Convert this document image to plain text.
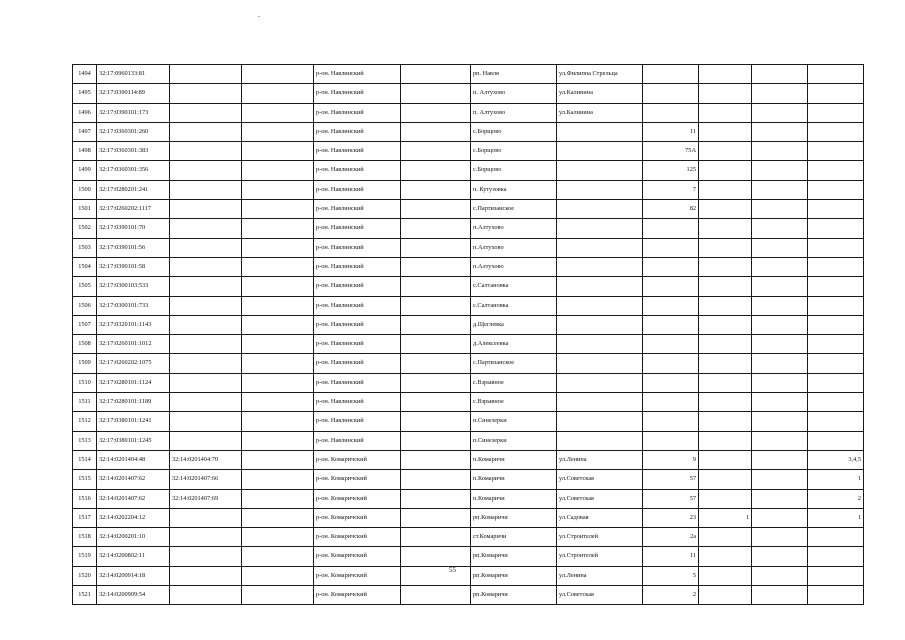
1494	32:17:0960133:81			р-он. Навлинский		рп. Навля	ул.Филиппа Стрельца				
1495	32:17:0390114:89			р-он. Навлинский		п. Алтухово	ул.Калинина				
1496	32:17:0390101:173			р-он. Навлинский		п. Алтухово	ул.Калинина				
1497	32:17:0360301:260			р-он. Навлинский		с.Борщово		11			
1498	32:17:0360301:383			р-он. Навлинский		с.Борщово		75А			
1499	32:17:0360301:356			р-он. Навлинский		с.Борщово		125			
1500	32:17:0280201:241			р-он. Навлинский		п. Кутузовка		7			
1501	32:17:0260202:1117			р-он. Навлинский		с.Партизанское		82			
1502	32:17:0390101:70			р-он. Навлинский		п.Алтухово					
1503	32:17:0390101:56			р-он. Навлинский		п.Алтухово					
1504	32:17:0390101:58			р-он. Навлинский		п.Алтухово					
1505	32:17:0300103:533			р-он. Навлинский		с.Салтановка					
1506	32:17:0300101:733			р-он. Навлинский		с.Салтановка					
1507	32:17:0320101:1143			р-он. Навлинский		д.Щеглевка					
1508	32:17:0260101:1012			р-он. Навлинский		д.Алексеевка					
1509	32:17:0260202:1075			р-он. Навлинский		с.Партизанское					
1510	32:17:0280101:1124			р-он. Навлинский		с.Взрывное					
1511	32:17:0280101:1189			р-он. Навлинский		с.Взрывное					
1512	32:17:0380101:1241			р-он. Навлинский		п.Синезерки					
1513	32:17:0380101:1245			р-он. Навлинский		п.Синезерки					
1514	32:14:0201404:48	32:14:0201404:70		р-он. Комаричский		п.Комаричи	ул.Ленина	9			3,4,5
1515	32:14:0201407:62	32:14:0201407:66		р-он. Комаричский		п.Комаричи	ул.Советская	57			1
1516	32:14:0201407:62	32:14:0201407:69		р-он. Комаричский		п.Комаричи	ул.Советская	57			2
1517	32:14:0202204:12			р-он. Комаричский		рп.Комаричи	ул.Садовая	23	1		1
1518	32:14:0200201:10			р-он. Комаричский		ст.Комаричи	ул.Строителей	2а			
1519	32:14:0200802:11			р-он. Комаричский		рп.Комаричи	ул.Строителей	11			
1520	32:14:0200914:18			р-он. Комаричский		рп.Комаричи	ул.Ленина	5			
1521	32:14:0200909:54			р-он. Комаричский		рп.Комаричи	ул.Советская	2			
55
